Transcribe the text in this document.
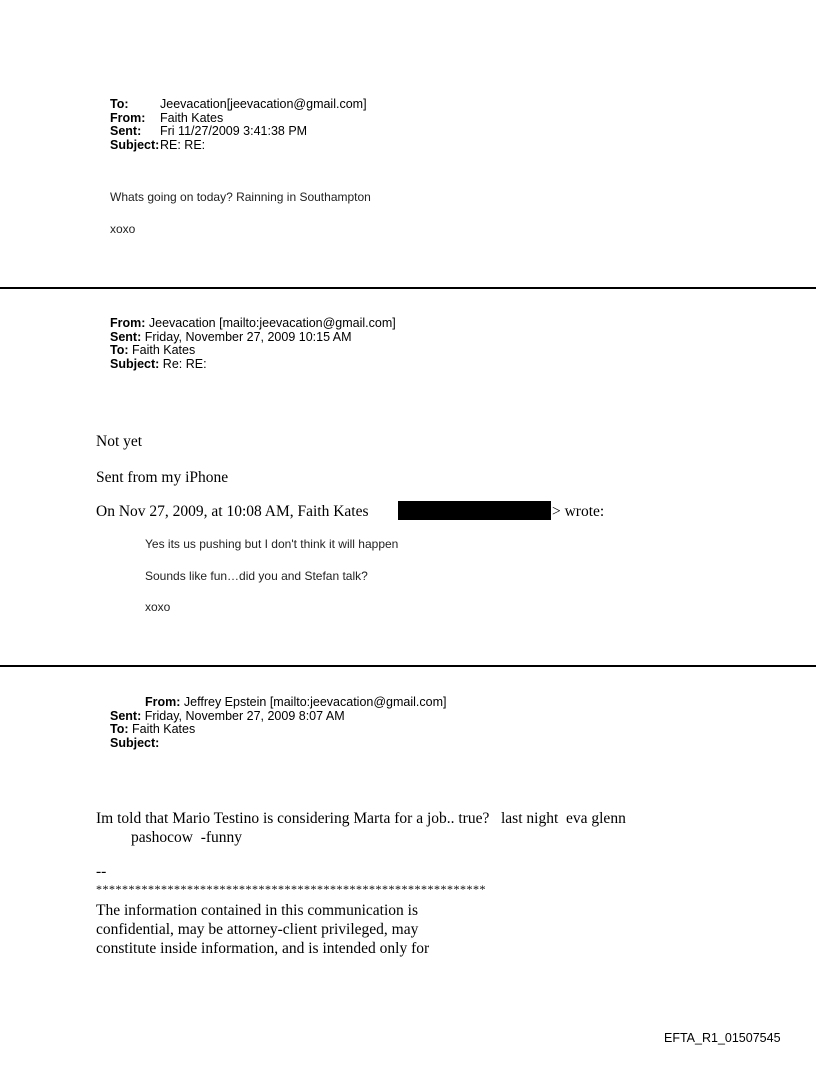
To:	Jeevacation[jeevacation@gmail.com]
From:	Faith Kates
Sent:	Fri 11/27/2009 3:41:38 PM
Subject: RE: RE:
Whats going on today? Rainning in Southampton
xoxo
From: Jeevacation [mailto:jeevacation@gmail.com]
Sent: Friday, November 27, 2009 10:15 AM
To: Faith Kates
Subject: Re: RE:
Not yet
Sent from my iPhone
On Nov 27, 2009, at 10:08 AM, Faith Kates	> wrote:
Yes its us pushing but I don't think it will happen
Sounds like fun…did you and Stefan talk?
xoxo
From: Jeffrey Epstein [mailto:jeevacation@gmail.com]
Sent: Friday, November 27, 2009 8:07 AM
To: Faith Kates
Subject:
Im told that Mario Testino is considering Marta for a job.. true?   last night  eva glenn
pashocow  -funny
--
************************************************************
The information contained in this communication is
confidential, may be attorney-client privileged, may
constitute inside information, and is intended only for
EFTA_R1_01507545
